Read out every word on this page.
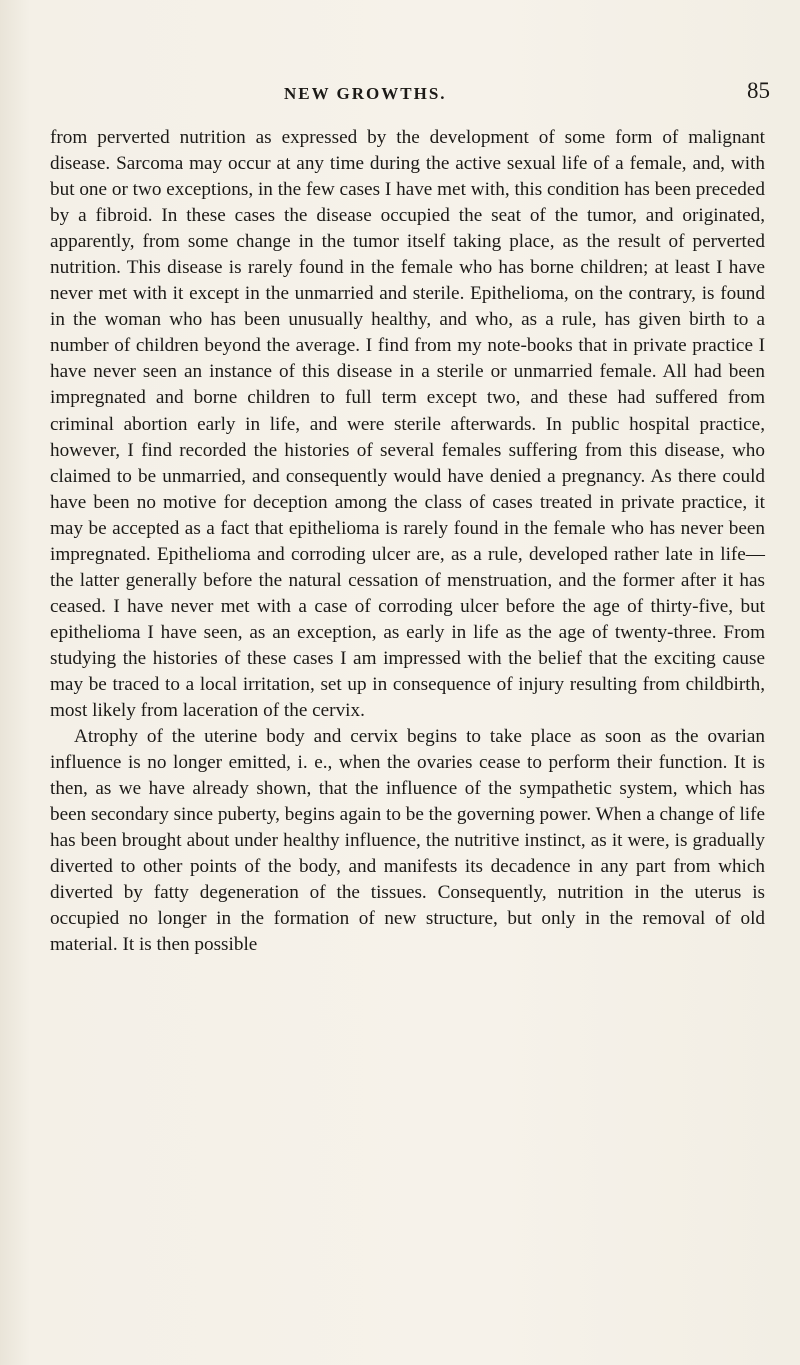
NEW GROWTHS.	85

from perverted nutrition as expressed by the development of some form of malignant disease. Sarcoma may occur at any time during the active sexual life of a female, and, with but one or two exceptions, in the few cases I have met with, this condition has been preceded by a fibroid. In these cases the disease occupied the seat of the tumor, and originated, apparently, from some change in the tumor itself taking place, as the result of perverted nutrition. This disease is rarely found in the female who has borne children; at least I have never met with it except in the unmarried and sterile. Epithelioma, on the contrary, is found in the woman who has been unusually healthy, and who, as a rule, has given birth to a number of children beyond the average. I find from my note-books that in private practice I have never seen an instance of this disease in a sterile or unmarried female. All had been impregnated and borne children to full term except two, and these had suffered from criminal abortion early in life, and were sterile afterwards. In public hospital practice, however, I find recorded the histories of several females suffering from this disease, who claimed to be unmarried, and consequently would have denied a pregnancy. As there could have been no motive for deception among the class of cases treated in private practice, it may be accepted as a fact that epithelioma is rarely found in the female who has never been impregnated. Epithelioma and corroding ulcer are, as a rule, developed rather late in life—the latter generally before the natural cessation of menstruation, and the former after it has ceased. I have never met with a case of corroding ulcer before the age of thirty-five, but epithelioma I have seen, as an exception, as early in life as the age of twenty-three. From studying the histories of these cases I am impressed with the belief that the exciting cause may be traced to a local irritation, set up in consequence of injury resulting from childbirth, most likely from laceration of the cervix.

Atrophy of the uterine body and cervix begins to take place as soon as the ovarian influence is no longer emitted, i. e., when the ovaries cease to perform their function. It is then, as we have already shown, that the influence of the sympathetic system, which has been secondary since puberty, begins again to be the governing power. When a change of life has been brought about under healthy influence, the nutritive instinct, as it were, is gradually diverted to other points of the body, and manifests its decadence in any part from which diverted by fatty degeneration of the tissues. Consequently, nutrition in the uterus is occupied no longer in the formation of new structure, but only in the removal of old material. It is then possible
